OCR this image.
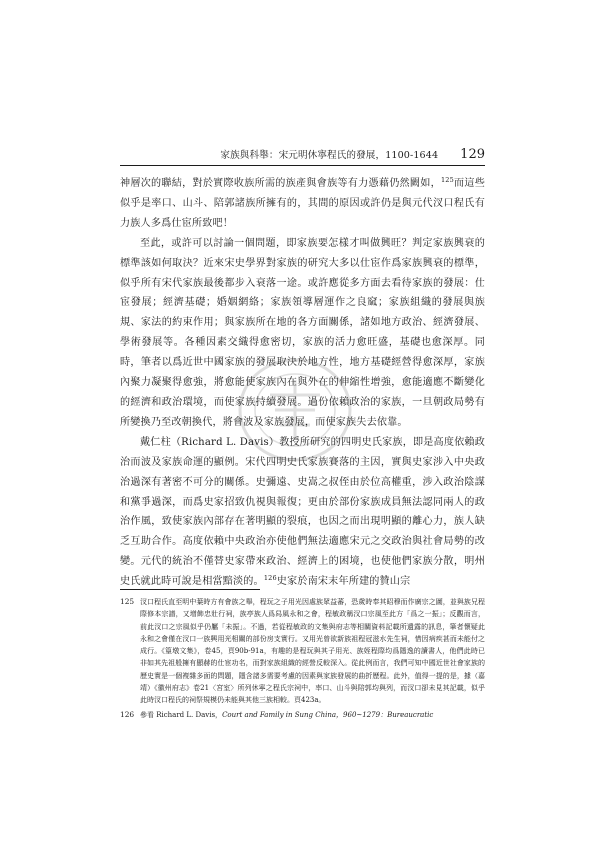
家族與科舉：宋元明休寧程氏的發展，1100-1644 129

神層次的聯結，對於實際收族所需的族產與會族等有力憑藉仍然闕如，$^{125}$而這些似乎是率口、山斗、陪郭諸族所擁有的，其間的原因或許仍是與元代汊口程氏有力族人多爲仕宦所致吧！

至此，或許可以討論一個問題，即家族要怎樣才叫做興旺？判定家族興衰的標準該如何取決？近來宋史學界對家族的研究大多以仕宦作爲家族興衰的標準，似乎所有宋代家族最後都步入衰落一途。或許應從多方面去看待家族的發展：仕宦發展；經濟基礎；婚姻網絡；家族領導層運作之良窳；家族組織的發展與族規、家法的約束作用；與家族所在地的各方面關係，諸如地方政治、經濟發展、學術發展等。各種因素交織得愈密切，家族的活力愈旺盛，基礎也愈深厚。同時，筆者以爲近世中國家族的發展取決於地方性，地方基礎經營得愈深厚，家族內聚力凝聚得愈強，將愈能使家族內在與外在的伸縮性增強，愈能適應不斷變化的經濟和政治環境，而使家族持續發展。過份依賴政治的家族，一旦朝政局勢有所變換乃至改朝換代，將會波及家族發展，而使家族失去依靠。

戴仁柱（Richard L. Davis）教授所研究的四明史氏家族，即是高度依賴政治而波及家族命運的顯例。宋代四明史氏家族賽落的主因，實與史家涉入中央政治過深有著密不可分的關係。史彌遠、史嵩之叔侄由於位高權重，涉入政治陰謀和黨爭過深，而爲史家招致仇視與報復；更由於部份家族成員無法認同兩人的政治作風，致使家族內部存在著明顯的裂痕，也因之而出現明顯的離心力，族人缺乏互助合作。高度依賴中央政治亦使他們無法適應宋元之交政治與社會局勢的改變。元代的統治不僅替史家帶來政治、經濟上的困境，也使他們家族分散，明州史氏就此時可說是相當黯淡的。$^{126}$史家於南宋末年所建的贊山宗

125 汊口程氏直至明中葉時方有會族之舉，程玩之子用光因處族眾益蕃，恐歲時奉其昭穆而作廣宗之圖，並與族兄程際修本宗譜，又增飾忠壯行祠，族亭族人爲舄風永和之會，程敏政稱汊口宗風至此方「爲之一振」；反觀而言，前此汊口之宗風似乎仍屬「未振」。不過，若從程敏政的文集與府志等相關資料記載所遺露的訊息，筆者懷疑此永和之會僅在汊口一族興用光相關的部份房支實行。又用光曾欲新族祖程冠滋水先生祠，惜因病疾甚而未能付之成行。《篁墩文集》，卷45，頁90b-91a，有趣的是程玩與其子用光、族姪程際均爲隱逸的讀書人，他們此時已非如其先祖般擁有顯赫的仕宦功名，而對家族組織的經營反較深入。從此例而言，我們可知中國近世社會家族的歷史實是一個複雜多面的問題，隱含諸多需要考慮的因素與家族發展的曲折歷程。此外，值得一提的是，據（嘉靖）《徽州府志》卷21〈宮室〉所列休寧之程氏宗祠中，率口、山斗與陪郭均與列，而汊口卻未見其記載，似乎此時汊口程氏的祠祭規模仍未能與其他三族相較。頁423a。
126 參看 Richard L. Davis，Court and Family in Sung China，960~1279：Bureaucratic
